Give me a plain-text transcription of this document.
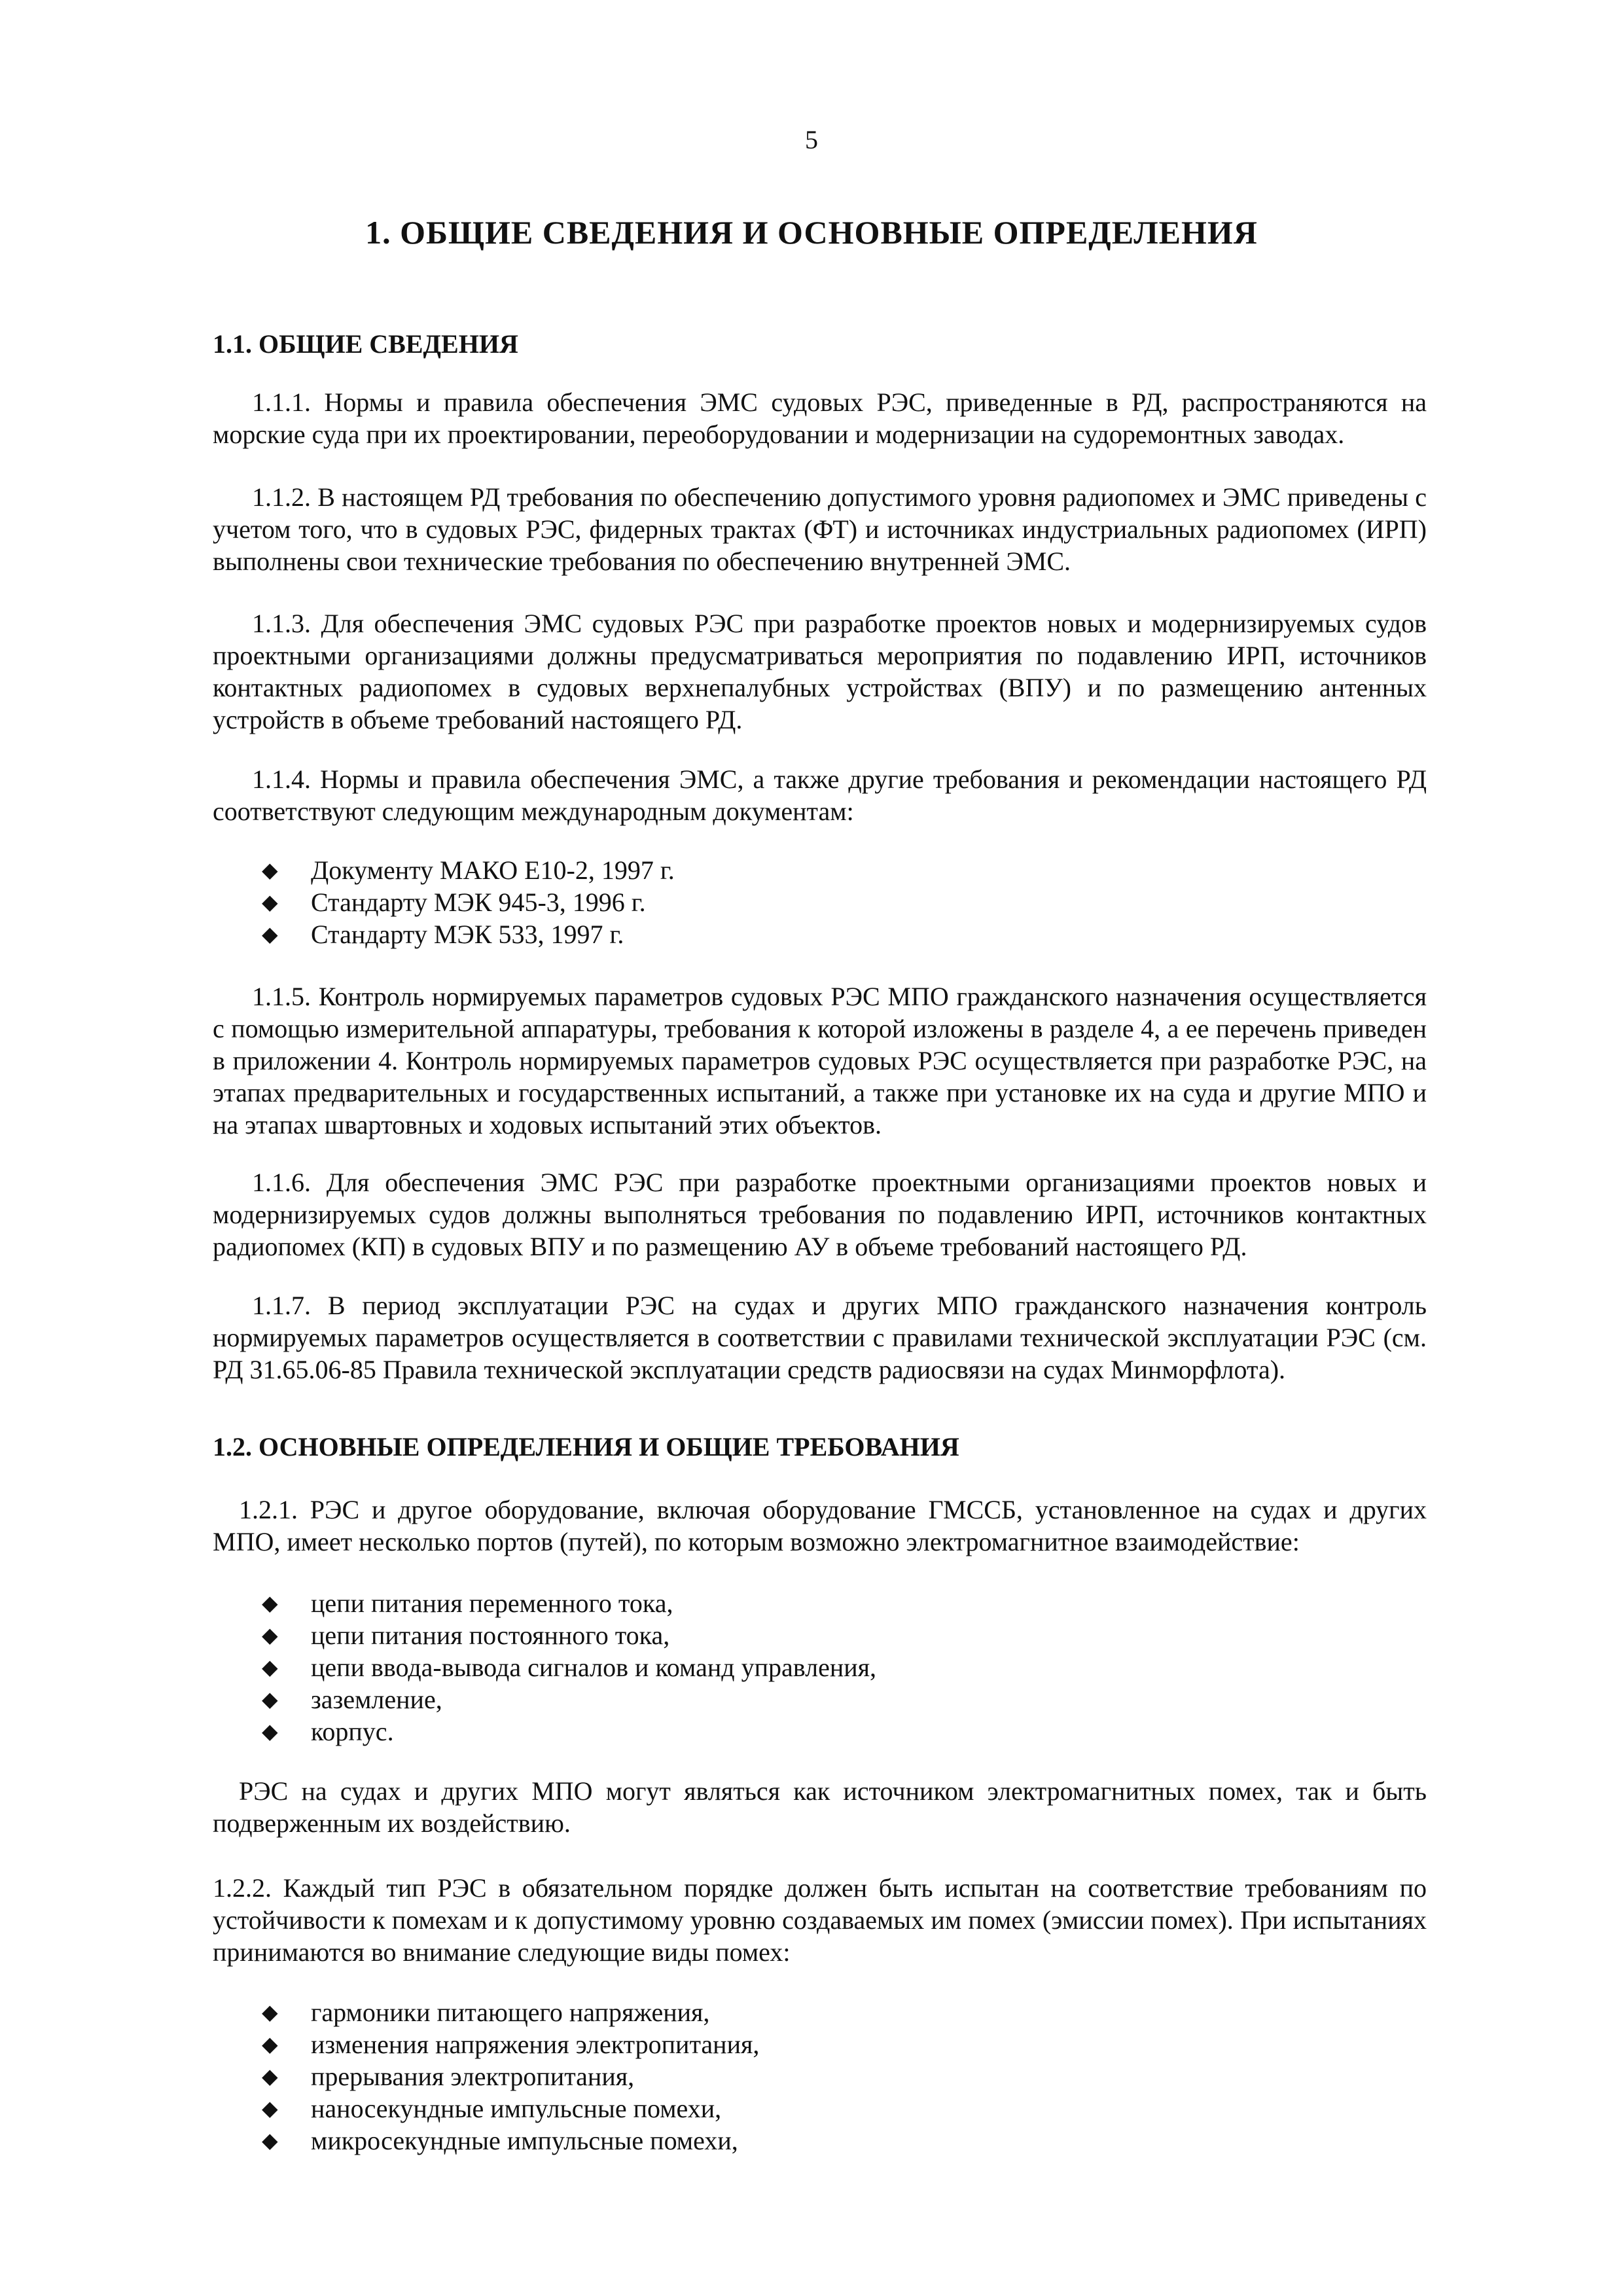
5
1. ОБЩИЕ СВЕДЕНИЯ И ОСНОВНЫЕ ОПРЕДЕЛЕНИЯ
1.1. ОБЩИЕ СВЕДЕНИЯ

1.1.1. Нормы и правила обеспечения ЭМС судовых РЭС, приведенные в РД, распространяются на морские суда при их проектировании, переоборудовании и модернизации на судоремонтных заводах.

1.1.2. В настоящем РД требования по обеспечению допустимого уровня радиопомех и ЭМС приведены с учетом того, что в судовых РЭС, фидерных трактах (ФТ) и источниках индустриальных радиопомех (ИРП) выполнены свои технические требования по обеспечению внутренней ЭМС.

1.1.3. Для обеспечения ЭМС судовых РЭС при разработке проектов новых и модернизируемых судов проектными организациями должны предусматриваться мероприятия по подавлению ИРП, источников контактных радиопомех в судовых верхнепалубных устройствах (ВПУ) и по размещению антенных устройств в объеме требований настоящего РД.

1.1.4. Нормы и правила обеспечения ЭМС, а также другие требования и рекомендации настоящего РД соответствуют следующим международным документам:

◆ Документу МАКО Е10-2, 1997 г.
◆ Стандарту МЭК 945-3, 1996 г.
◆ Стандарту МЭК 533, 1997 г.

1.1.5. Контроль нормируемых параметров судовых РЭС МПО гражданского назначения осуществляется с помощью измерительной аппаратуры, требования к которой изложены в разделе 4, а ее перечень приведен в приложении 4. Контроль нормируемых параметров судовых РЭС осуществляется при разработке РЭС, на этапах предварительных и государственных испытаний, а также при установке их на суда и другие МПО и на этапах швартовных и ходовых испытаний этих объектов.

1.1.6. Для обеспечения ЭМС РЭС при разработке проектными организациями проектов новых и модернизируемых судов должны выполняться требования по подавлению ИРП, источников контактных радиопомех (КП) в судовых ВПУ и по размещению АУ в объеме требований настоящего РД.

1.1.7. В период эксплуатации РЭС на судах и других МПО гражданского назначения контроль нормируемых параметров осуществляется в соответствии с правилами технической эксплуатации РЭС (см. РД 31.65.06-85 Правила технической эксплуатации средств радиосвязи на судах Минморфлота).

1.2. ОСНОВНЫЕ ОПРЕДЕЛЕНИЯ И ОБЩИЕ ТРЕБОВАНИЯ

1.2.1. РЭС и другое оборудование, включая оборудование ГМССБ, установленное на судах и других МПО, имеет несколько портов (путей), по которым возможно электромагнитное взаимодействие:

◆ цепи питания переменного тока,
◆ цепи питания постоянного тока,
◆ цепи ввода-вывода сигналов и команд управления,
◆ заземление,
◆ корпус.

РЭС на судах и других МПО могут являться как источником электромагнитных помех, так и быть подверженным их воздействию.

1.2.2. Каждый тип РЭС в обязательном порядке должен быть испытан на соответствие требованиям по устойчивости к помехам и к допустимому уровню создаваемых им помех (эмиссии помех). При испытаниях принимаются во внимание следующие виды помех:

◆ гармоники питающего напряжения,
◆ изменения напряжения электропитания,
◆ прерывания электропитания,
◆ наносекундные импульсные помехи,
◆ микросекундные импульсные помехи,
